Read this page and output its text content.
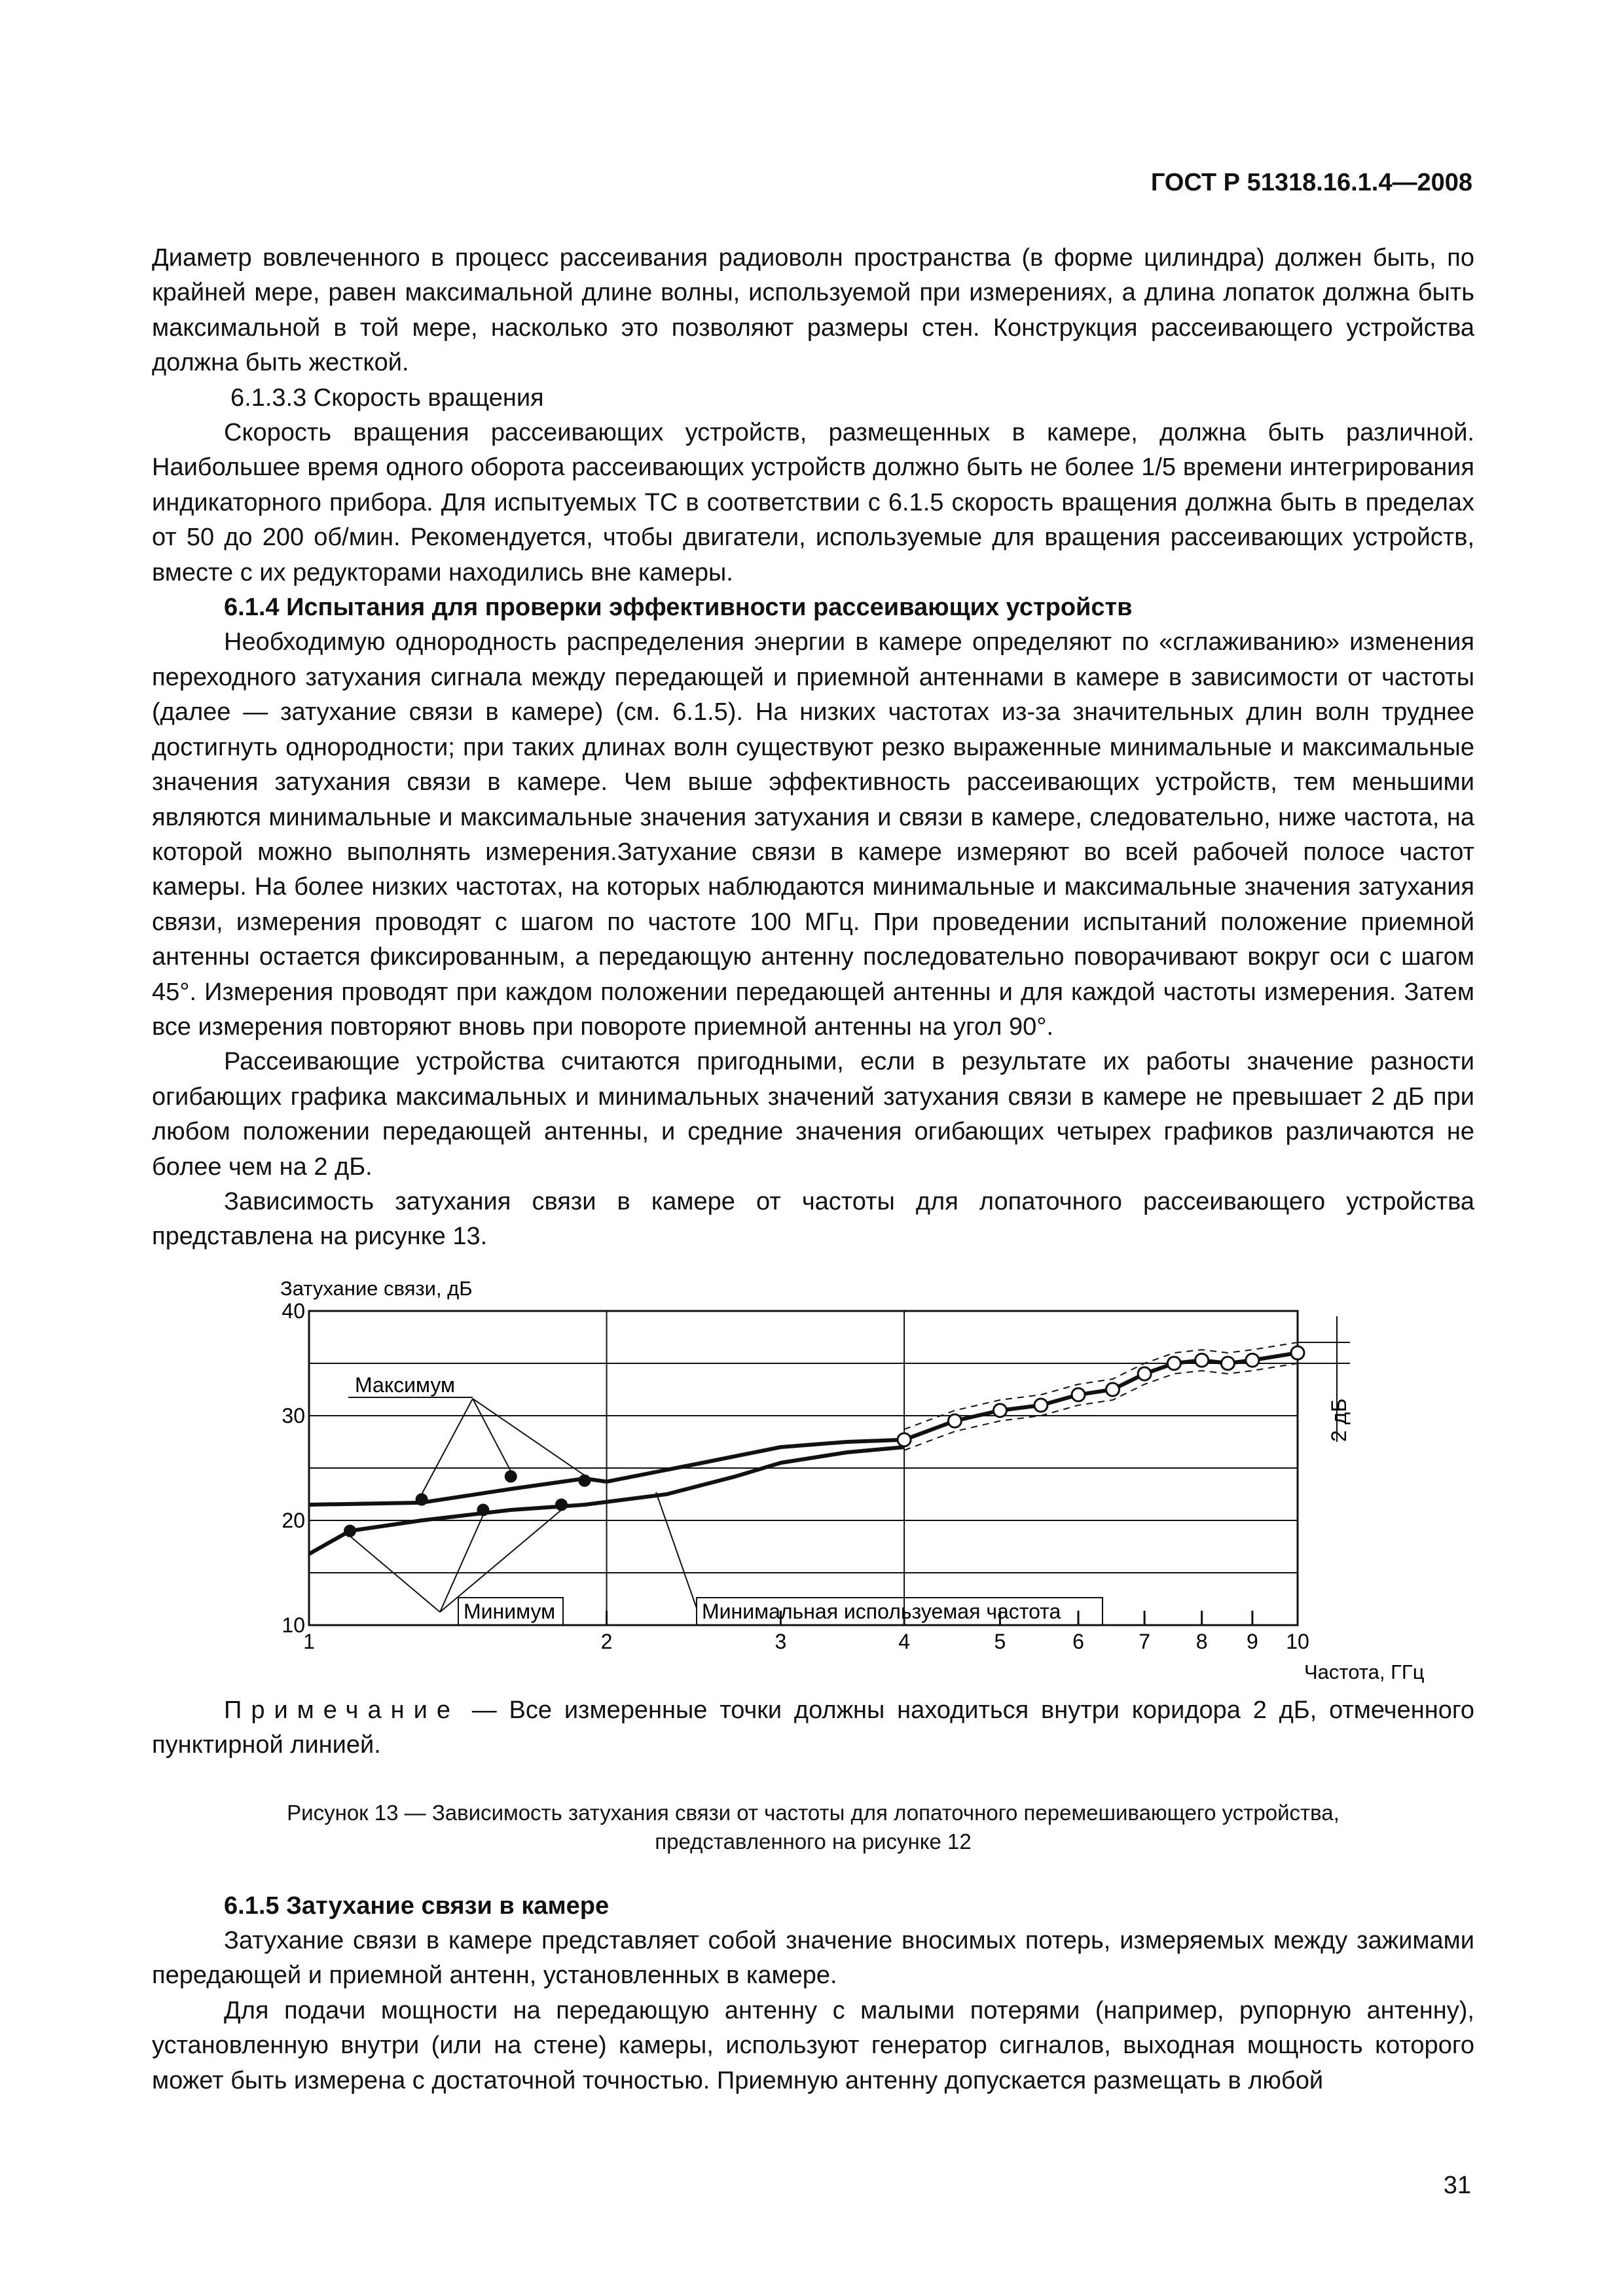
ГОСТ Р 51318.16.1.4—2008

Диаметр вовлеченного в процесс рассеивания радиоволн пространства (в форме цилиндра) должен быть, по крайней мере, равен максимальной длине волны, используемой при измерениях, а длина лопаток должна быть максимальной в той мере, насколько это позволяют размеры стен. Конструкция рассеивающего устройства должна быть жесткой.

6.1.3.3 Скорость вращения

Скорость вращения рассеивающих устройств, размещенных в камере, должна быть различной. Наибольшее время одного оборота рассеивающих устройств должно быть не более 1/5 времени интегрирования индикаторного прибора. Для испытуемых ТС в соответствии с 6.1.5 скорость вращения должна быть в пределах от 50 до 200 об/мин. Рекомендуется, чтобы двигатели, используемые для вращения рассеивающих устройств, вместе с их редукторами находились вне камеры.

6.1.4 Испытания для проверки эффективности рассеивающих устройств

Необходимую однородность распределения энергии в камере определяют по «сглаживанию» изменения переходного затухания сигнала между передающей и приемной антеннами в камере в зависимости от частоты (далее — затухание связи в камере) (см. 6.1.5). На низких частотах из-за значительных длин волн труднее достигнуть однородности; при таких длинах волн существуют резко выраженные минимальные и максимальные значения затухания связи в камере. Чем выше эффективность рассеивающих устройств, тем меньшими являются минимальные и максимальные значения затухания и связи в камере, следовательно, ниже частота, на которой можно выполнять измерения.Затухание связи в камере измеряют во всей рабочей полосе частот камеры. На более низких частотах, на которых наблюдаются минимальные и максимальные значения затухания связи, измерения проводят с шагом по частоте 100 МГц. При проведении испытаний положение приемной антенны остается фиксированным, а передающую антенну последовательно поворачивают вокруг оси с шагом 45°. Измерения проводят при каждом положении передающей антенны и для каждой частоты измерения. Затем все измерения повторяют вновь при повороте приемной антенны на угол 90°.

Рассеивающие устройства считаются пригодными, если в результате их работы значение разности огибающих графика максимальных и минимальных значений затухания связи в камере не превышает 2 дБ при любом положении передающей антенны, и средние значения огибающих четырех графиков различаются не более чем на 2 дБ.

Зависимость затухания связи в камере от частоты для лопаточного рассеивающего устройства представлена на рисунке 13.

Затухание связи, дБ
Частота, ГГц
1	2	3	4	5	6	7 8 9 10
10
20
30
40
Максимум
Минимум	Минимальная используемая частота
2 дБ

Примечание — Все измеренные точки должны находиться внутри коридора 2 дБ, отмеченного пунктирной линией.

Рисунок 13 — Зависимость затухания связи от частоты для лопаточного перемешивающего устройства,
представленного на рисунке 12

6.1.5 Затухание связи в камере

Затухание связи в камере представляет собой значение вносимых потерь, измеряемых между зажимами передающей и приемной антенн, установленных в камере.

Для подачи мощности на передающую антенну с малыми потерями (например, рупорную антенну), установленную внутри (или на стене) камеры, используют генератор сигналов, выходная мощность которого может быть измерена с достаточной точностью. Приемную антенну допускается размещать в любой

31
